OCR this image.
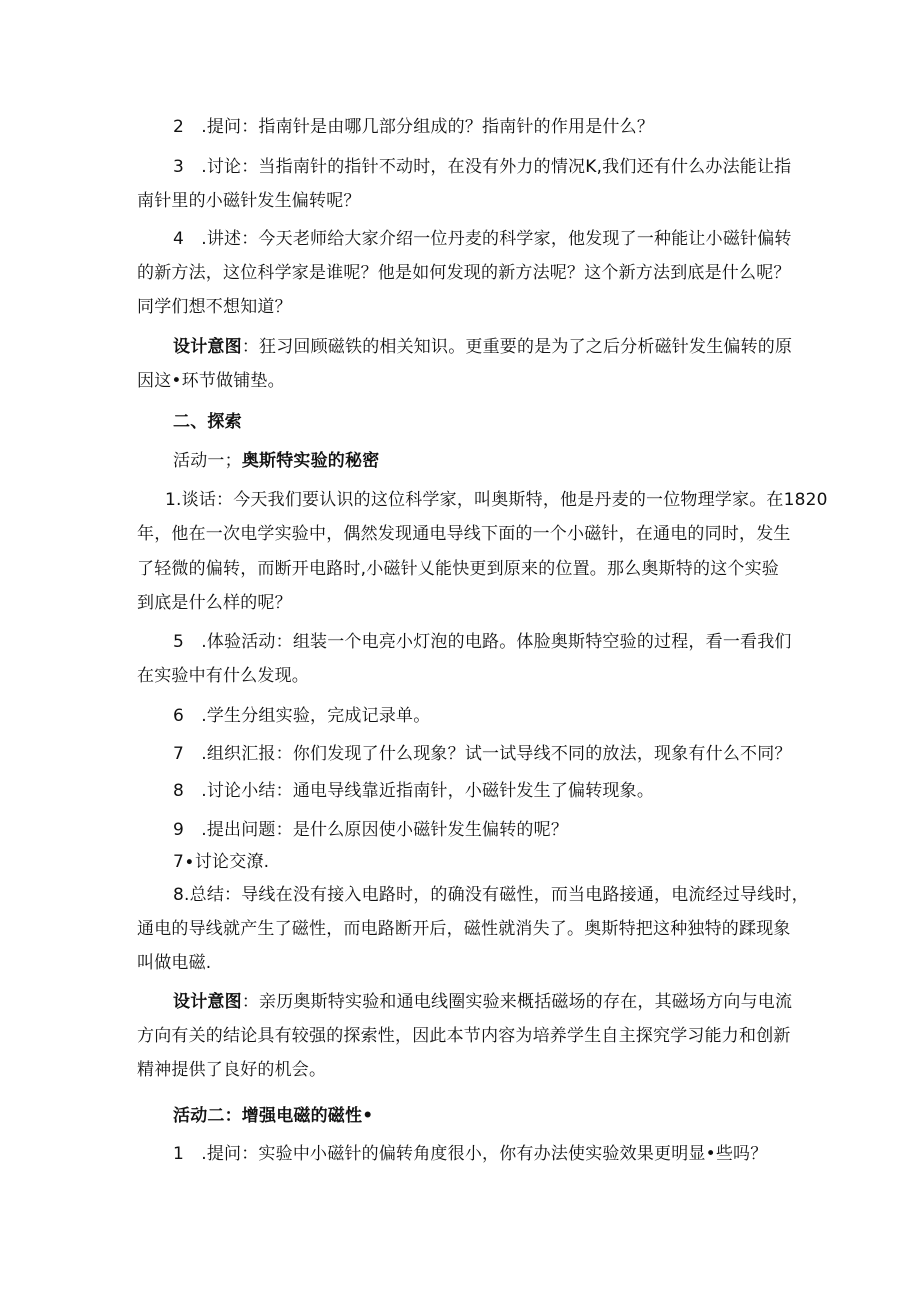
2　.提问：指南针是由哪几部分组成的？指南针的作用是什么？
3　.讨论：当指南针的指针不动时，在没有外力的情况K,我们还有什么办法能让指
南针里的小磁针发生偏转呢？
4　.讲述：今天老师给大家介绍一位丹麦的科学家，他发现了一种能让小磁针偏转
的新方法，这位科学家是谁呢？他是如何发现的新方法呢？这个新方法到底是什么呢？
同学们想不想知道？
设计意图：狂习回顾磁铁的相关知识。更重要的是为了之后分析磁针发生偏转的原
因这•环节做铺垫。
二、探索
活动一；奥斯特实验的秘密
1.谈话：今天我们要认识的这位科学家，叫奥斯特，他是丹麦的一位物理学家。在1820
年，他在一次电学实验中，偶然发现通电导线下面的一个小磁针，在通电的同时，发生
了轻微的偏转，而断开电路时,小磁针乂能快更到原来的位置。那么奥斯特的这个实验
到底是什么样的呢？
5　.体验活动：组装一个电亮小灯泡的电路。体脸奥斯特空验的过程，看一看我们
在实验中有什么发现。
6　.学生分组实验，完成记录单。
7　.组织汇报：你们发现了什么现象？试一试导线不同的放法，现象有什么不同？
8　.讨论小结：通电导线靠近指南针，小磁针发生了偏转现象。
9　.提出问题：是什么原因使小磁针发生偏转的呢？
7∙讨论交潦.
8.总结：导线在没有接入电路时，的确没有磁性，而当电路接通，电流经过导线时，
通电的导线就产生了磁性，而电路断开后，磁性就消失了。奥斯特把这种独特的蹂现象
叫做电磁.
设计意图：亲历奥斯特实验和通电线圈实验来概括磁场的存在，其磁场方向与电流
方向有关的结论具有较强的探索性，因此本节内容为培养学生自主探究学习能力和创新
精神提供了良好的机会。
活动二：增强电磁的磁性•
1　.提问：实验中小磁针的偏转角度很小，你有办法使实验效果更明显•些吗？
